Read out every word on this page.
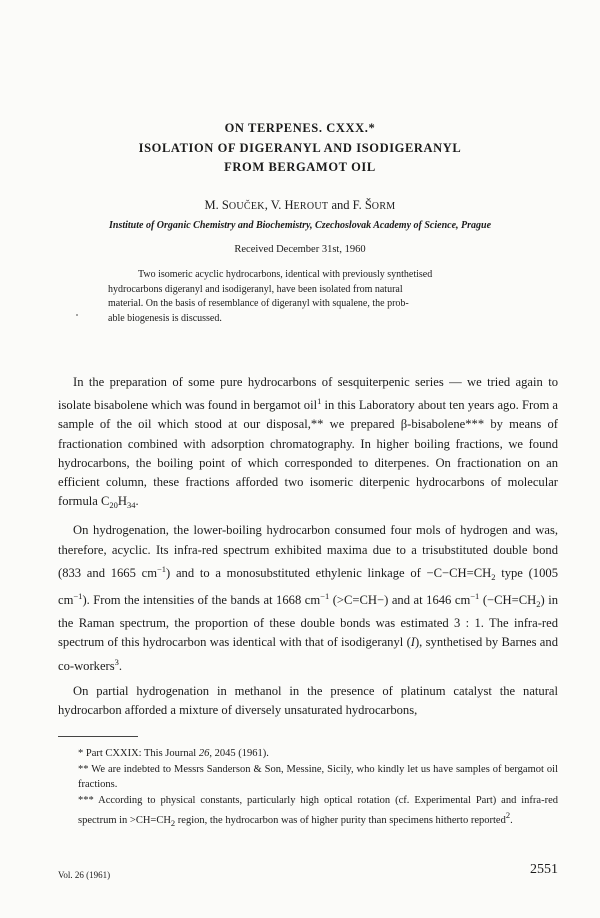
ON TERPENES. CXXX.*
ISOLATION OF DIGERANYL AND ISODIGERANYL
FROM BERGAMOT OIL
M. SOUČEK, V. HEROUT and F. ŠORM
Institute of Organic Chemistry and Biochemistry, Czechoslovak Academy of Science, Prague
Received December 31st, 1960
Two isomeric acyclic hydrocarbons, identical with previously synthetised
hydrocarbons digeranyl and isodigeranyl, have been isolated from natural
material. On the basis of resemblance of digeranyl with squalene, the prob-
able biogenesis is discussed.

In the preparation of some pure hydrocarbons of sesquiterpenic series — we tried again to isolate bisabolene which was found in bergamot oil$^1$ in this Laboratory about ten years ago. From a sample of the oil which stood at our disposal,** we prepared β-bisabolene*** by means of fractionation combined with adsorption chromatography. In higher boiling fractions, we found hydrocarbons, the boiling point of which corresponded to diterpenes. On fractionation on an efficient column, these fractions afforded two isomeric diterpenic hydrocarbons of molecular formula $C_{20}H_{34}$.

On hydrogenation, the lower-boiling hydrocarbon consumed four mols of hydrogen and was, therefore, acyclic. Its infra-red spectrum exhibited maxima due to a trisubstituted double bond (833 and 1665 $cm^{-1}$) and to a monosubstituted ethylenic linkage of $-C-CH=CH_2$ type (1005 $cm^{-1}$). From the intensities of the bands at 1668 $cm^{-1}$ (>C=CH−) and at 1646 $cm^{-1}$ $(-CH=CH_2)$ in the Raman spectrum, the proportion of these double bonds was estimated 3 : 1. The infra-red spectrum of this hydrocarbon was identical with that of isodigeranyl (I), synthetised by Barnes and co-workers$^3$.

On partial hydrogenation in methanol in the presence of platinum catalyst the natural hydrocarbon afforded a mixture of diversely unsaturated hydrocarbons,

* Part CXXIX: This Journal 26, 2045 (1961).
** We are indebted to Messrs Sanderson & Son, Messine, Sicily, who kindly let us have samples of bergamot oil fractions.
*** According to physical constants, particularly high optical rotation (cf. Experimental Part) and infra-red spectrum in $>CH=CH_2$ region, the hydrocarbon was of higher purity than specimens hitherto reported$^2$.
Vol. 26 (1961)	2551
